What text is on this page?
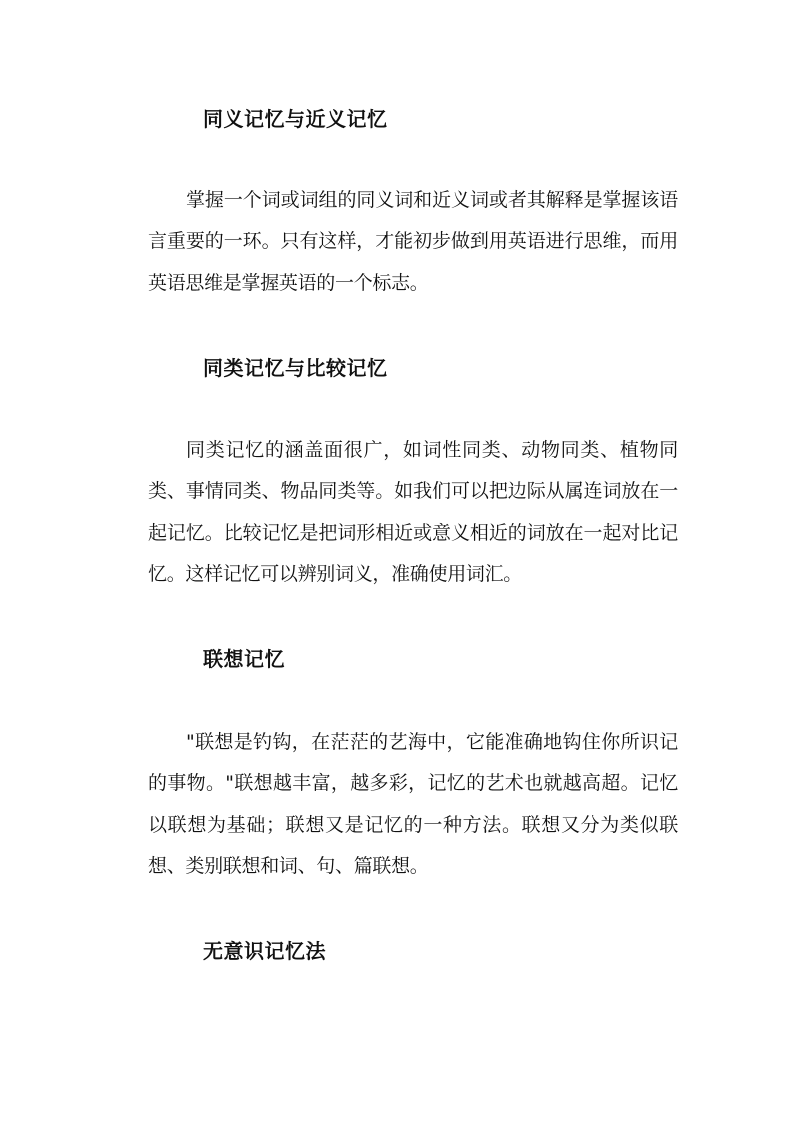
同义记忆与近义记忆

掌握一个词或词组的同义词和近义词或者其解释是掌握该语言重要的一环。只有这样，才能初步做到用英语进行思维，而用英语思维是掌握英语的一个标志。

同类记忆与比较记忆

同类记忆的涵盖面很广，如词性同类、动物同类、植物同类、事情同类、物品同类等。如我们可以把边际从属连词放在一起记忆。比较记忆是把词形相近或意义相近的词放在一起对比记忆。这样记忆可以辨别词义，准确使用词汇。

联想记忆

"联想是钓钩，在茫茫的艺海中，它能准确地钩住你所识记的事物。"联想越丰富，越多彩，记忆的艺术也就越高超。记忆以联想为基础；联想又是记忆的一种方法。联想又分为类似联想、类别联想和词、句、篇联想。

无意识记忆法
